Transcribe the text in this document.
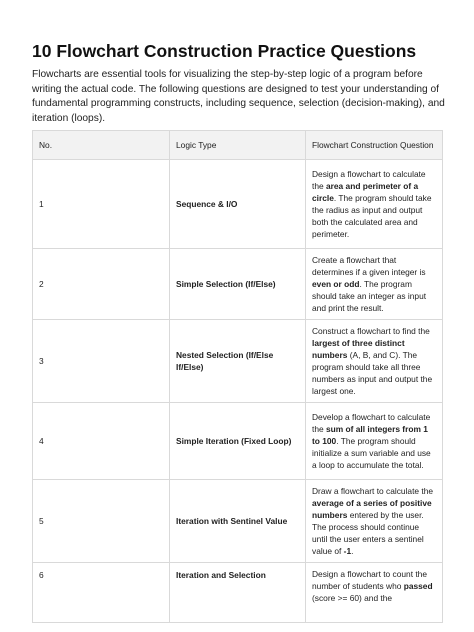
10 Flowchart Construction Practice Questions

Flowcharts are essential tools for visualizing the step-by-step logic of a program before writing the actual code. The following questions are designed to test your understanding of fundamental programming constructs, including sequence, selection (decision-making), and iteration (loops).

No.	Logic Type	Flowchart Construction Question
1	Sequence & I/O	Design a flowchart to calculate the area and perimeter of a circle. The program should take the radius as input and output both the calculated area and perimeter.
2	Simple Selection (If/Else)	Create a flowchart that determines if a given integer is even or odd. The program should take an integer as input and print the result.
3	Nested Selection (If/Else If/Else)	Construct a flowchart to find the largest of three distinct numbers (A, B, and C). The program should take all three numbers as input and output the largest one.
4	Simple Iteration (Fixed Loop)	Develop a flowchart to calculate the sum of all integers from 1 to 100. The program should initialize a sum variable and use a loop to accumulate the total.
5	Iteration with Sentinel Value	Draw a flowchart to calculate the average of a series of positive numbers entered by the user. The process should continue until the user enters a sentinel value of -1.
6	Iteration and Selection	Design a flowchart to count the number of students who passed (score >= 60) and the
